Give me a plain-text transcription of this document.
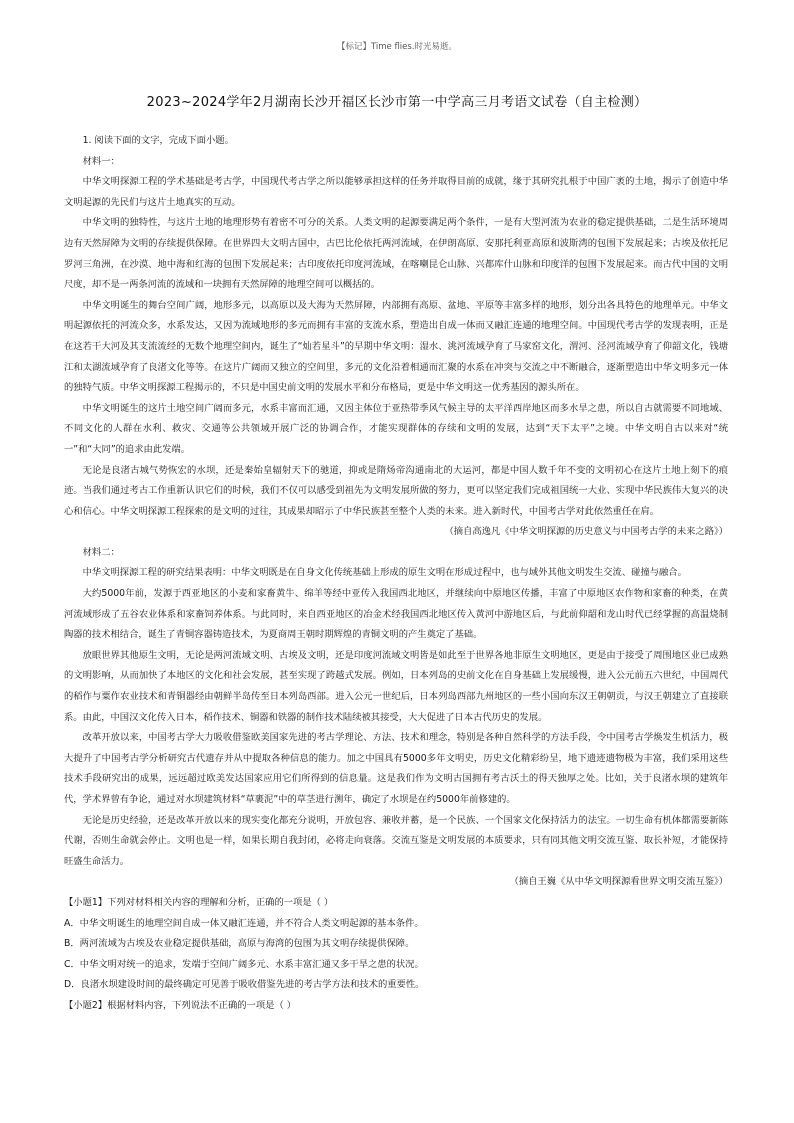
【标记】Time flies.时光易逝。
2023~2024学年2月湖南长沙开福区长沙市第一中学高三月考语文试卷（自主检测）

1. 阅读下面的文字，完成下面小题。

材料一：

中华文明探源工程的学术基础是考古学，中国现代考古学之所以能够承担这样的任务并取得目前的成就，缘于其研究扎根于中国广袤的土地，揭示了创造中华文明起源的先民们与这片土地真实的互动。

中华文明的独特性，与这片土地的地理形势有着密不可分的关系。人类文明的起源要满足两个条件，一是有大型河流为农业的稳定提供基础，二是生活环境周边有天然屏障为文明的存续提供保障。在世界四大文明古国中，古巴比伦依托两河流域，在伊朗高原、安那托利亚高原和波斯湾的包围下发展起来；古埃及依托尼罗河三角洲，在沙漠、地中海和红海的包围下发展起来；古印度依托印度河流域，在喀喇昆仑山脉、兴都库什山脉和印度洋的包围下发展起来。而古代中国的文明尺度，却不是一两条河流的流域和一块拥有天然屏障的地理空间可以概括的。

中华文明诞生的舞台空间广阔，地形多元，以高原以及大海为天然屏障，内部拥有高原、盆地、平原等丰富多样的地形，划分出各具特色的地理单元。中华文明起源依托的河流众多，水系发达，又因为流域地形的多元而拥有丰富的支流水系，塑造出自成一体而又融汇连通的地理空间。中国现代考古学的发现表明，正是在这若干大河及其支流流经的无数个地理空间内，诞生了“灿若星斗”的早期中华文明：湿水、洮河流域孕育了马家窑文化，渭河、泾河流域孕育了仰韶文化，钱塘江和太湖流域孕育了良渚文化等等。在这片广阔而又独立的空间里，多元的文化沿着相通而汇聚的水系在冲突与交流之中不断融合，逐渐塑造出中华文明多元一体的独特气质。中华文明探源工程揭示的，不只是中国史前文明的发展水平和分布格局，更是中华文明这一优秀基因的源头所在。

中华文明诞生的这片土地空间广阔而多元，水系丰富而汇通，又因主体位于亚热带季风气候主导的太平洋西岸地区而多水旱之患，所以自古就需要不同地域、不同文化的人群在水利、救灾、交通等公共领域开展广泛的协调合作，才能实现群体的存续和文明的发展，达到“天下太平”之境。中华文明自古以来对“统一”和“大同”的追求由此发端。

无论是良渚古城气势恢宏的水坝，还是秦始皇辐射天下的驰道，抑或是隋炀帝沟通南北的大运河，都是中国人数千年不变的文明初心在这片土地上刻下的痕迹。当我们通过考古工作重新认识它们的时候，我们不仅可以感受到祖先为文明发展所做的努力，更可以坚定我们完成祖国统一大业、实现中华民族伟大复兴的决心和信心。中华文明探源工程探索的是文明的过往，其成果却昭示了中华民族甚至整个人类的未来。进入新时代，中国考古学对此依然重任在肩。

（摘自高逸凡《中华文明探源的历史意义与中国考古学的未来之路》）

材料二：

中华文明探源工程的研究结果表明：中华文明既是在自身文化传统基础上形成的原生文明在形成过程中，也与域外其他文明发生交流、碰撞与融合。

大约5000年前，发源于西亚地区的小麦和家畜黄牛、绵羊等经中亚传入我国西北地区，并继续向中原地区传播，丰富了中原地区农作物和家畜的种类，在黄河流域形成了五谷农业体系和家畜饲养体系。与此同时，来自西亚地区的冶金术经我国西北地区传入黄河中游地区后，与此前仰韶和龙山时代已经掌握的高温烧制陶器的技术相结合，诞生了青铜容器铸造技术，为夏商周王朝时期辉煌的青铜文明的产生奠定了基础。

放眼世界其他原生文明，无论是两河流域文明、古埃及文明，还是印度河流域文明皆是如此至于世界各地非原生文明地区，更是由于接受了周围地区业已成熟的文明影响，从而加快了本地区的文化和社会发展，甚至实现了跨越式发展。例如，日本列岛的史前文化在自身基础上发展缓慢，进入公元前五六世纪，中国周代的稻作与粟作农业技术和青铜器经由朝鲜半岛传至日本列岛西部。进入公元一世纪后，日本列岛西部九州地区的一些小国向东汉王朝朝贡，与汉王朝建立了直接联系。由此，中国汉文化传入日本，稻作技术、铜器和铁器的制作技术陆续被其接受，大大促进了日本古代历史的发展。

改革开放以来，中国考古学大力吸收借鉴欧美国家先进的考古学理论、方法、技术和理念，特别是各种自然科学的方法手段，令中国考古学焕发生机活力，极大提升了中国考古学分析研究古代遗存并从中提取各种信息的能力。加之中国具有5000多年文明史，历史文化精彩纷呈，地下遗迹遗物极为丰富，我们采用这些技术手段研究出的成果，远远超过欧美发达国家应用它们所得到的信息量。这是我们作为文明古国拥有考古沃土的得天独厚之处。比如，关于良渚水坝的建筑年代，学术界曾有争论，通过对水坝建筑材料“草裹泥”中的草茎进行测年，确定了水坝是在约5000年前修建的。

无论是历史经验，还是改革开放以来的现实变化都充分说明，开放包容、兼收并蓄，是一个民族、一个国家文化保持活力的法宝。一切生命有机体都需要新陈代谢，否则生命就会停止。文明也是一样，如果长期自我封闭，必将走向衰落。交流互鉴是文明发展的本质要求，只有同其他文明交流互鉴、取长补短，才能保持旺盛生命活力。

（摘自王巍《从中华文明探源看世界文明交流互鉴》）

【小题1】下列对材料相关内容的理解和分析，正确的一项是（ ）

A．中华文明诞生的地理空间自成一体又融汇连通，并不符合人类文明起源的基本条件。

B．两河流域为古埃及农业稳定提供基础，高原与海湾的包围为其文明存续提供保障。

C．中华文明对统一的追求，发端于空间广阔多元、水系丰富汇通又多干旱之患的状况。

D．良渚水坝建设时间的最终确定可见善于吸收借鉴先进的考古学方法和技术的重要性。

【小题2】根据材料内容，下列说法不正确的一项是（ ）
